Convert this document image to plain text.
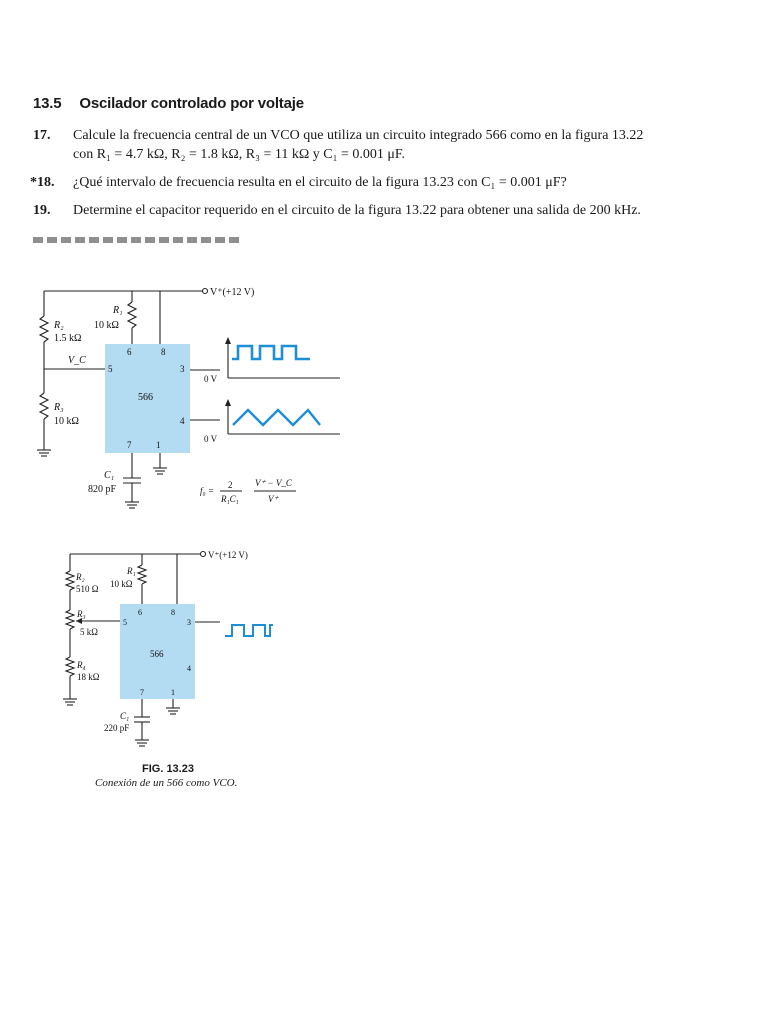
13.5 Oscilador controlado por voltaje
17. Calcule la frecuencia central de un VCO que utiliza un circuito integrado 566 como en la figura 13.22
con R₁ = 4.7 kΩ, R₂ = 1.8 kΩ, R₃ = 11 kΩ y C₁ = 0.001 μF.
*18. ¿Qué intervalo de frecuencia resulta en el circuito de la figura 13.23 con C₁ = 0.001 μF?
19. Determine el capacitor requerido en el circuito de la figura 13.22 para obtener una salida de 200 kHz.
V⁺(+12 V)
R₁
10 kΩ
R₂
1.5 kΩ
V_C
R₃
10 kΩ
566
6	8
5	3
4
7	1
0 V
0 V
C₁
820 pF	f₀ =
2
R₁C₁
V⁺ − V_C
V⁺
V⁺(+12 V)
R₁
10 kΩ
R₂
510 Ω
R₃
5 kΩ
R₄
18 kΩ
566
6	8
5	3
4
7	1
C₁
220 pF
FIG. 13.23
Conexión de un 566 como VCO.
